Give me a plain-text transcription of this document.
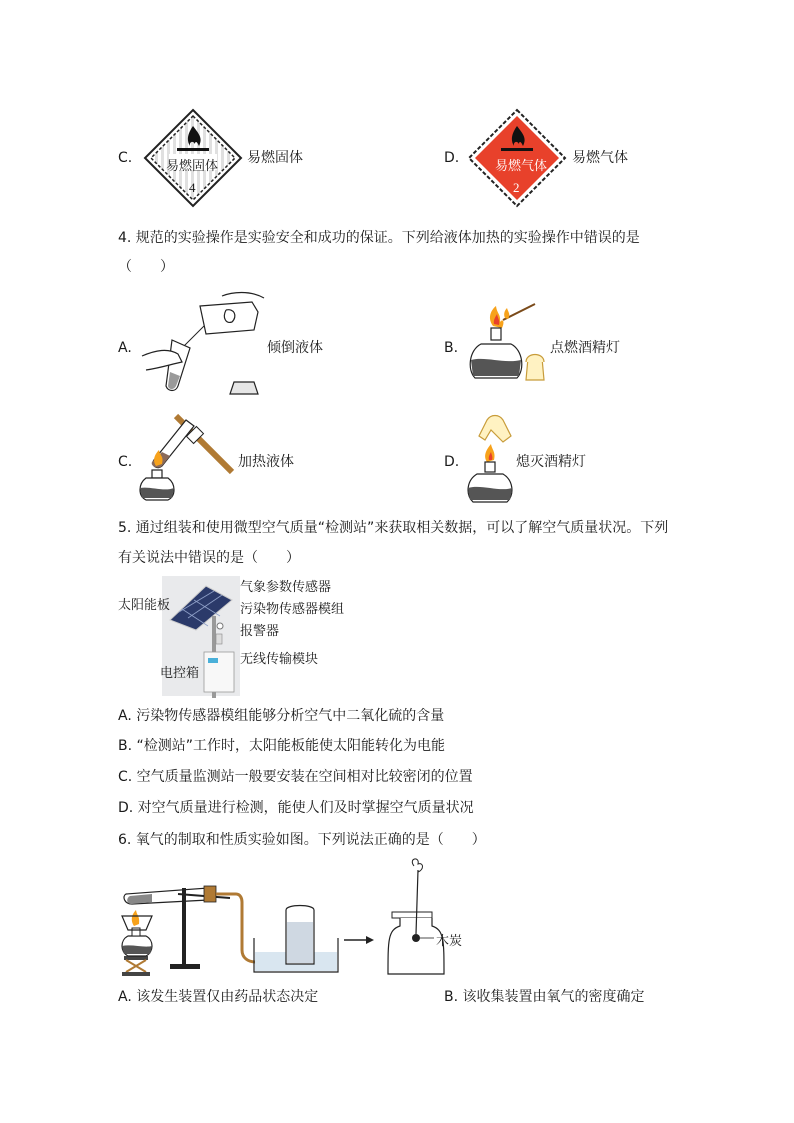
C.
易燃固体
4
易燃固体	D.
易燃气体
2
易燃气体
4. 规范的实验操作是实验安全和成功的保证。下列给液体加热的实验操作中错误的是
（　　）
A.	倾倒液体	B.	点燃酒精灯
C.	加热液体	D.	熄灭酒精灯
5. 通过组装和使用微型空气质量“检测站”来获取相关数据，可以了解空气质量状况。下列
有关说法中错误的是（　　）
太阳能板
气象参数传感器
污染物传感器模组
报警器
无线传输模块
电控箱
A. 污染物传感器模组能够分析空气中二氧化硫的含量
B. “检测站”工作时，太阳能板能使太阳能转化为电能
C. 空气质量监测站一般要安装在空间相对比较密闭的位置
D. 对空气质量进行检测，能使人们及时掌握空气质量状况
6. 氧气的制取和性质实验如图。下列说法正确的是（　　）
木炭
A. 该发生装置仅由药品状态决定	B. 该收集装置由氧气的密度确定
